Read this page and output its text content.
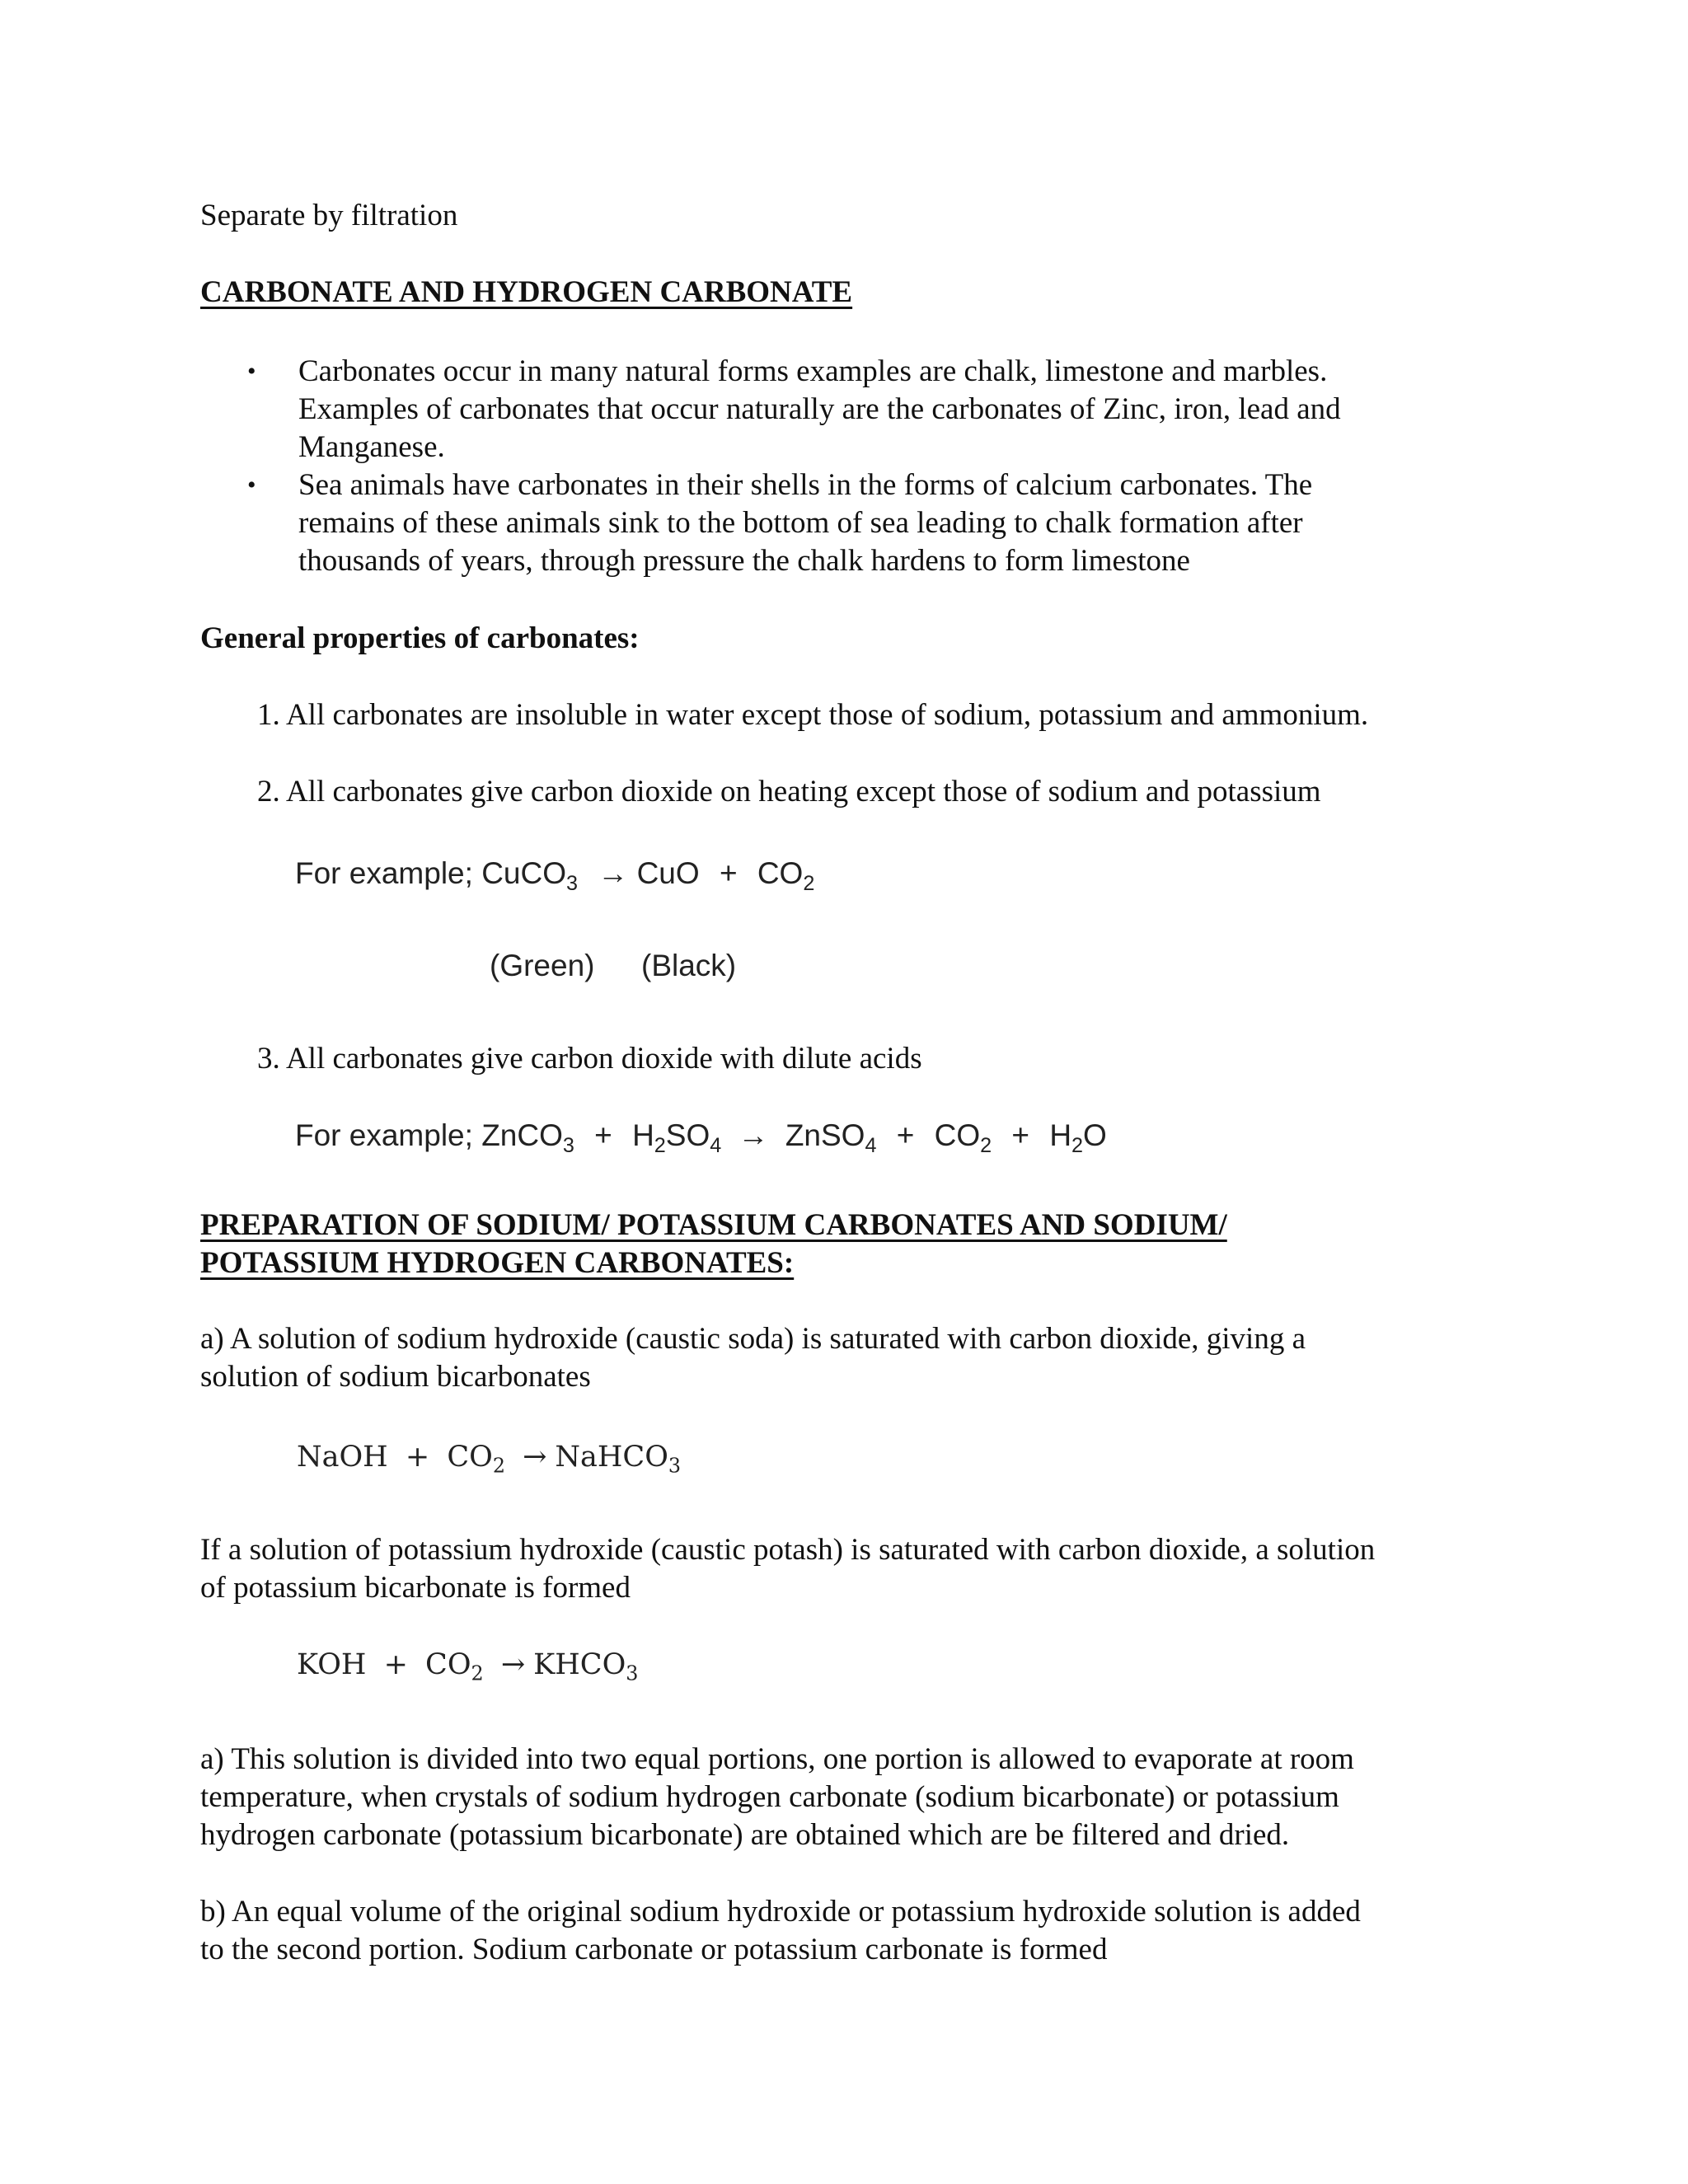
Separate by filtration

CARBONATE AND HYDROGEN CARBONATE

• Carbonates occur in many natural forms examples are chalk, limestone and marbles.

Examples of carbonates that occur naturally are the carbonates of Zinc, iron, lead and

Manganese.

• Sea animals have carbonates in their shells in the forms of calcium carbonates. The

remains of these animals sink to the bottom of sea leading to chalk formation after

thousands of years, through pressure the chalk hardens to form limestone

General properties of carbonates:

1. All carbonates are insoluble in water except those of sodium, potassium and ammonium.

2. All carbonates give carbon dioxide on heating except those of sodium and potassium

For example; CuCO$_3$ → CuO + $CO_2$
(Green) (Black)

3. All carbonates give carbon dioxide with dilute acids

For example; ZnCO$_3$ + $H_2SO_4$ → ZnSO$_4$ + $CO_2 + H_2O$

PREPARATION OF SODIUM/ POTASSIUM CARBONATES AND SODIUM/

POTASSIUM HYDROGEN CARBONATES:

a) A solution of sodium hydroxide (caustic soda) is saturated with carbon dioxide, giving a

solution of sodium bicarbonates

NaOH + $CO_2$ → NaHCO$_3$

If a solution of potassium hydroxide (caustic potash) is saturated with carbon dioxide, a solution

of potassium bicarbonate is formed

KOH + $CO_2$ → $KHCO_3$

a) This solution is divided into two equal portions, one portion is allowed to evaporate at room

temperature, when crystals of sodium hydrogen carbonate (sodium bicarbonate) or potassium

hydrogen carbonate (potassium bicarbonate) are obtained which are be filtered and dried.

b) An equal volume of the original sodium hydroxide or potassium hydroxide solution is added

to the second portion. Sodium carbonate or potassium carbonate is formed
